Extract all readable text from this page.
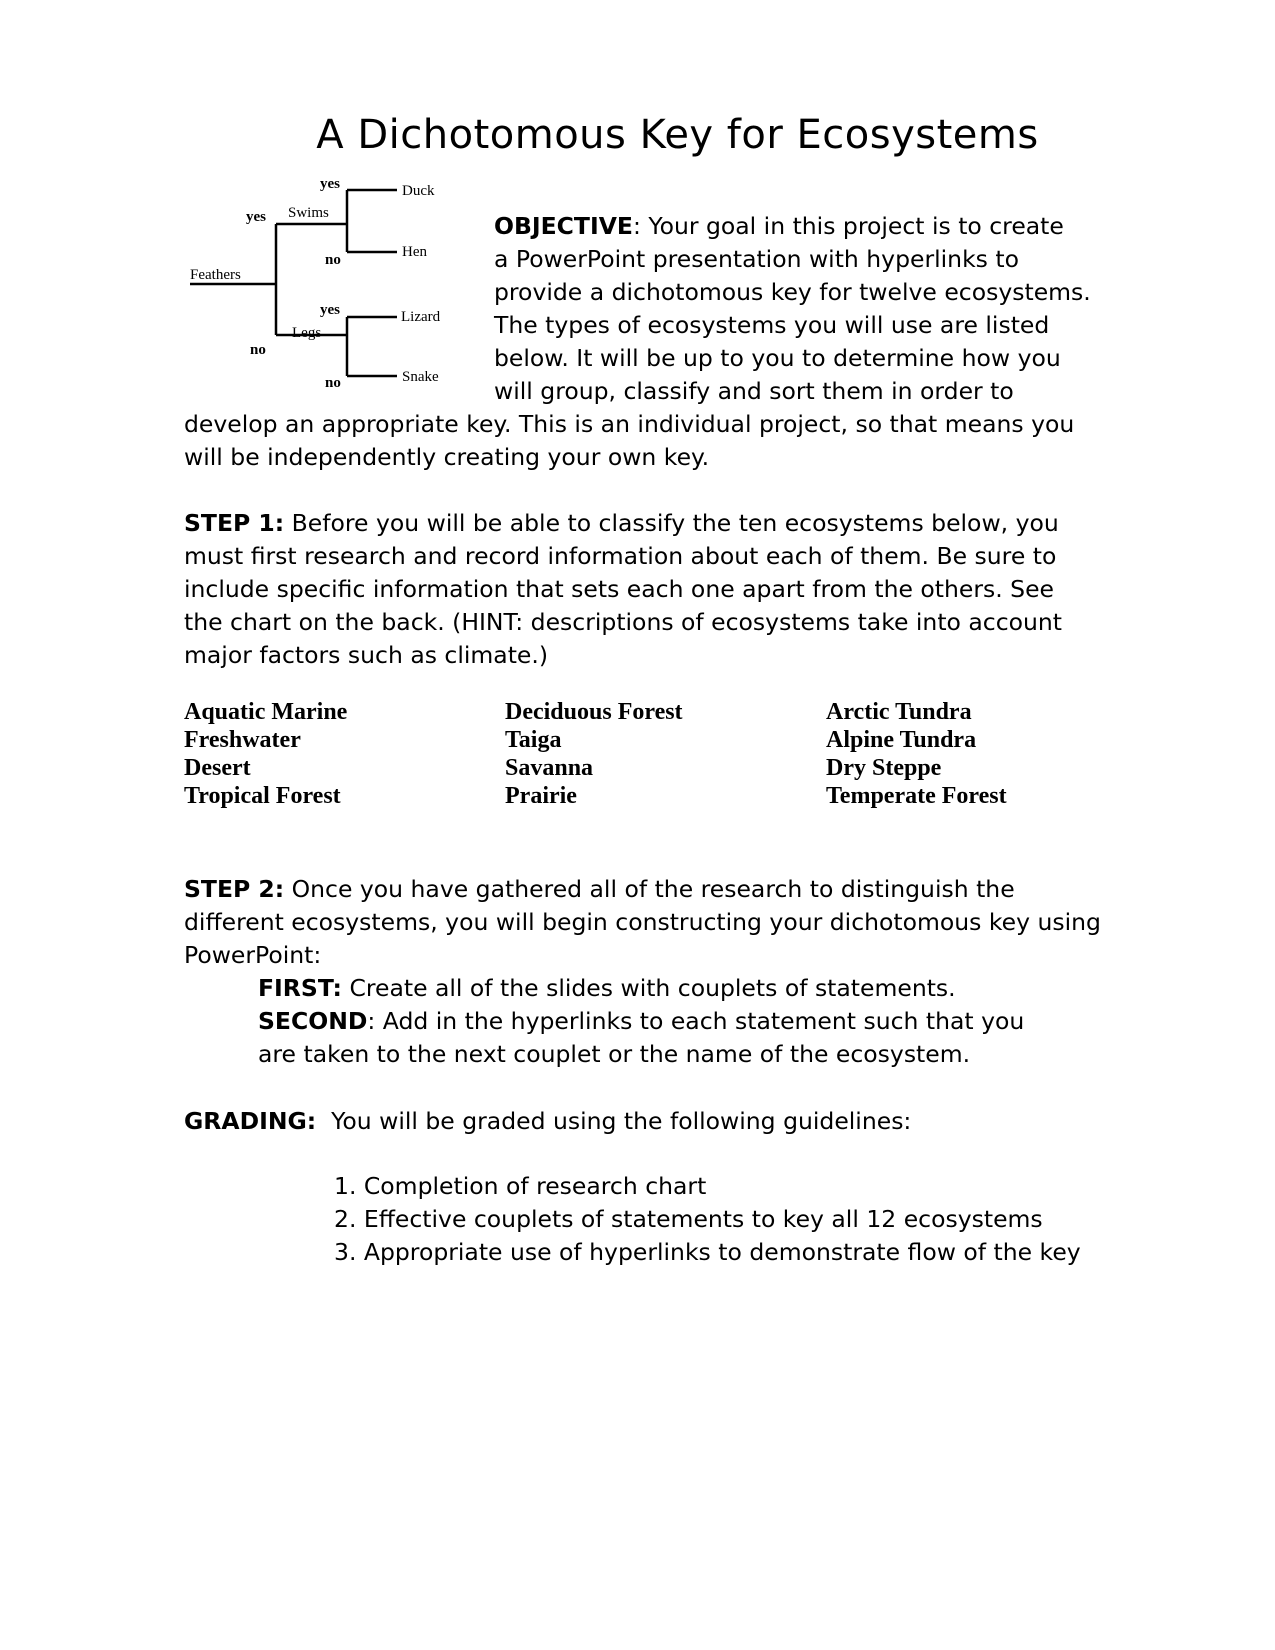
A Dichotomous Key for Ecosystems
Feathers
yes
no
Swims
Legs
yes
no
yes
no
Duck
Hen
Lizard
Snake
OBJECTIVE: Your goal in this project is to create
a PowerPoint presentation with hyperlinks to
provide a dichotomous key for twelve ecosystems.
The types of ecosystems you will use are listed
below. It will be up to you to determine how you
will group, classify and sort them in order to
develop an appropriate key. This is an individual project, so that means you
will be independently creating your own key.
STEP 1: Before you will be able to classify the ten ecosystems below, you
must first research and record information about each of them. Be sure to
include specific information that sets each one apart from the others. See
the chart on the back. (HINT: descriptions of ecosystems take into account
major factors such as climate.)
Aquatic Marine
Freshwater
Desert
Tropical Forest
Deciduous Forest
Taiga
Savanna
Prairie
Arctic Tundra
Alpine Tundra
Dry Steppe
Temperate Forest
STEP 2: Once you have gathered all of the research to distinguish the
different ecosystems, you will begin constructing your dichotomous key using
PowerPoint:
FIRST: Create all of the slides with couplets of statements.
SECOND: Add in the hyperlinks to each statement such that you
are taken to the next couplet or the name of the ecosystem.
GRADING:  You will be graded using the following guidelines:
1. Completion of research chart
2. Effective couplets of statements to key all 12 ecosystems
3. Appropriate use of hyperlinks to demonstrate flow of the key
